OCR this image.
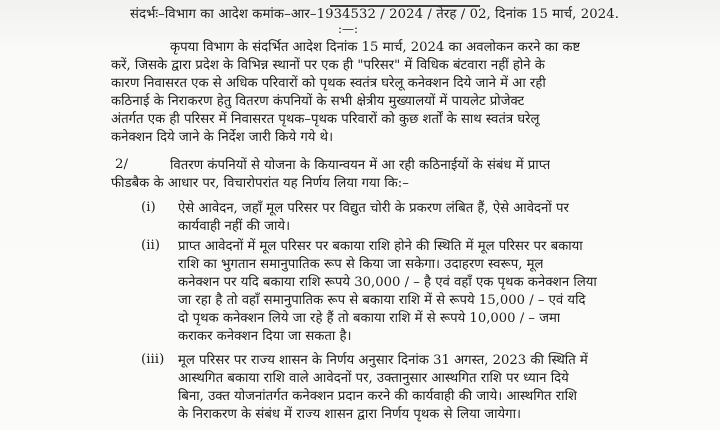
संदर्भः–विभाग का आदेश कमांक–आर–1934532 / 2024 / तेरह / 02, दिनांक 15 मार्च, 2024.
:—:
कृपया विभाग के संदर्भित आदेश दिनांक 15 मार्च, 2024 का अवलोकन करने का कष्ट
करें, जिसके द्वारा प्रदेश के विभिन्न स्थानों पर एक ही "परिसर" में विधिक बंटवारा नहीं होने के
कारण निवासरत एक से अधिक परिवारों को पृथक स्वतंत्र घरेलू कनेक्शन दिये जाने में आ रही
कठिनाई के निराकरण हेतु वितरण कंपनियों के सभी क्षेत्रीय मुख्यालयों में पायलेट प्रोजेक्ट
अंतर्गत एक ही परिसर में निवासरत पृथक–पृथक परिवारों को कुछ शर्तों के साथ स्वतंत्र घरेलू
कनेक्शन दिये जाने के निर्देश जारी किये गये थे।
2/	वितरण कंपनियों से योजना के कियान्वयन में आ रही कठिनाईयों के संबंध में प्राप्त
फीडबैक के आधार पर, विचारोपरांत यह निर्णय लिया गया कि:–
(i) ऐसे आवेदन, जहाँ मूल परिसर पर विद्युत चोरी के प्रकरण लंबित हैं, ऐसे आवेदनों पर
कार्यवाही नहीं की जाये।
(ii) प्राप्त आवेदनों में मूल परिसर पर बकाया राशि होने की स्थिति में मूल परिसर पर बकाया
राशि का भुगतान समानुपातिक रूप से किया जा सकेगा। उदाहरण स्वरूप, मूल
कनेक्शन पर यदि बकाया राशि रूपये 30,000 / – है एवं वहाँ एक पृथक कनेक्शन लिया
जा रहा है तो वहाँ समानुपातिक रूप से बकाया राशि में से रूपये 15,000 / – एवं यदि
दो पृथक कनेक्शन लिये जा रहे हैं तो बकाया राशि में से रूपये 10,000 / – जमा
कराकर कनेक्शन दिया जा सकता है।
(iii) मूल परिसर पर राज्य शासन के निर्णय अनुसार दिनांक 31 अगस्त, 2023 की स्थिति में
आस्थगित बकाया राशि वाले आवेदनों पर, उक्तानुसार आस्थगित राशि पर ध्यान दिये
बिना, उक्त योजनांतर्गत कनेक्शन प्रदान करने की कार्यवाही की जाये। आस्थगित राशि
के निराकरण के संबंध में राज्य शासन द्वारा निर्णय पृथक से लिया जायेगा।
